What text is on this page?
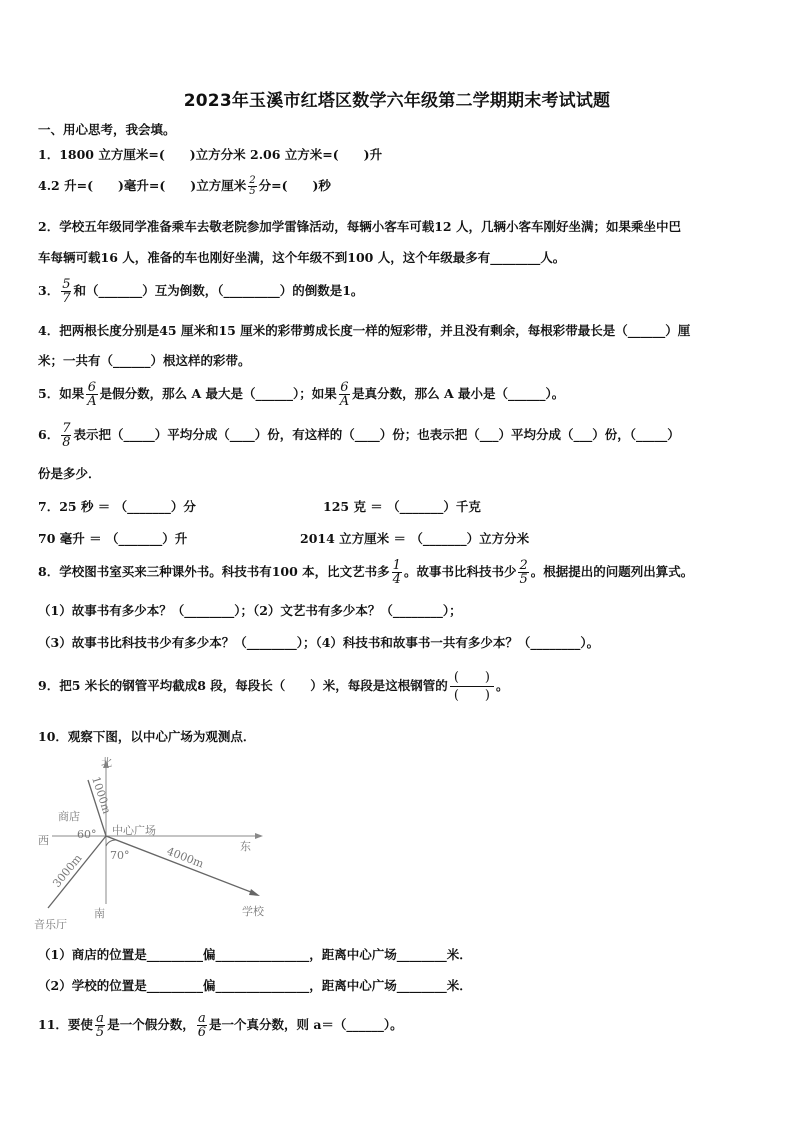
2023年玉溪市红塔区数学六年级第二学期期末考试试题
一、用心思考，我会填。
1．1800 立方厘米=(　　)立方分米 2.06 立方米=(　　)升
4.2 升=(　　)毫升=(　　)立方厘米 $\frac{2}{5}$ 分=(　　)秒
2．学校五年级同学准备乘车去敬老院参加学雷锋活动，每辆小客车可载12 人，几辆小客车刚好坐满；如果乘坐中巴
车每辆可载16 人，准备的车也刚好坐满，这个年级不到100 人，这个年级最多有________人。
3． $\frac{5}{7}$ 和（_______）互为倒数，（_________）的倒数是1。
4．把两根长度分别是45 厘米和15 厘米的彩带剪成长度一样的短彩带，并且没有剩余，每根彩带最长是（______）厘
米；一共有（______）根这样的彩带。
5．如果 $\frac{6}{A}$ 是假分数，那么 A 最大是（______）；如果 $\frac{6}{A}$ 是真分数，那么 A 最小是（______）。
6． $\frac{7}{8}$ 表示把（_____）平均分成（____）份，有这样的（____）份；也表示把（___）平均分成（___）份，（_____）
份是多少．
7．25 秒 ＝ （_______）分	125 克 ＝ （_______）千克
70 毫升 ＝ （_______）升	2014 立方厘米 ＝ （_______）立方分米
8．学校图书室买来三种课外书。科技书有100 本，比文艺书多 $\frac{1}{4}$ 。故事书比科技书少 $\frac{2}{5}$ 。根据提出的问题列出算式。
（1）故事书有多少本？（________）；（2）文艺书有多少本？（________）；
（3）故事书比科技书少有多少本？（________）；（4）科技书和故事书一共有多少本？（________）。
9．把5 米长的钢管平均截成8 段，每段长（　　）米，每段是这根钢管的 $\frac{( )}{( )}$ 。
10．观察下图，以中心广场为观测点．
北
南
东
西
中心广场
商店
音乐厅
学校
60°
70°
1000m
3000m	4000m
（1）商店的位置是_________偏_______________，距离中心广场________米．
（2）学校的位置是_________偏_______________，距离中心广场________米．
11．要使 $\frac{a}{5}$ 是一个假分数， $\frac{a}{6}$ 是一个真分数，则 a＝（______）。
